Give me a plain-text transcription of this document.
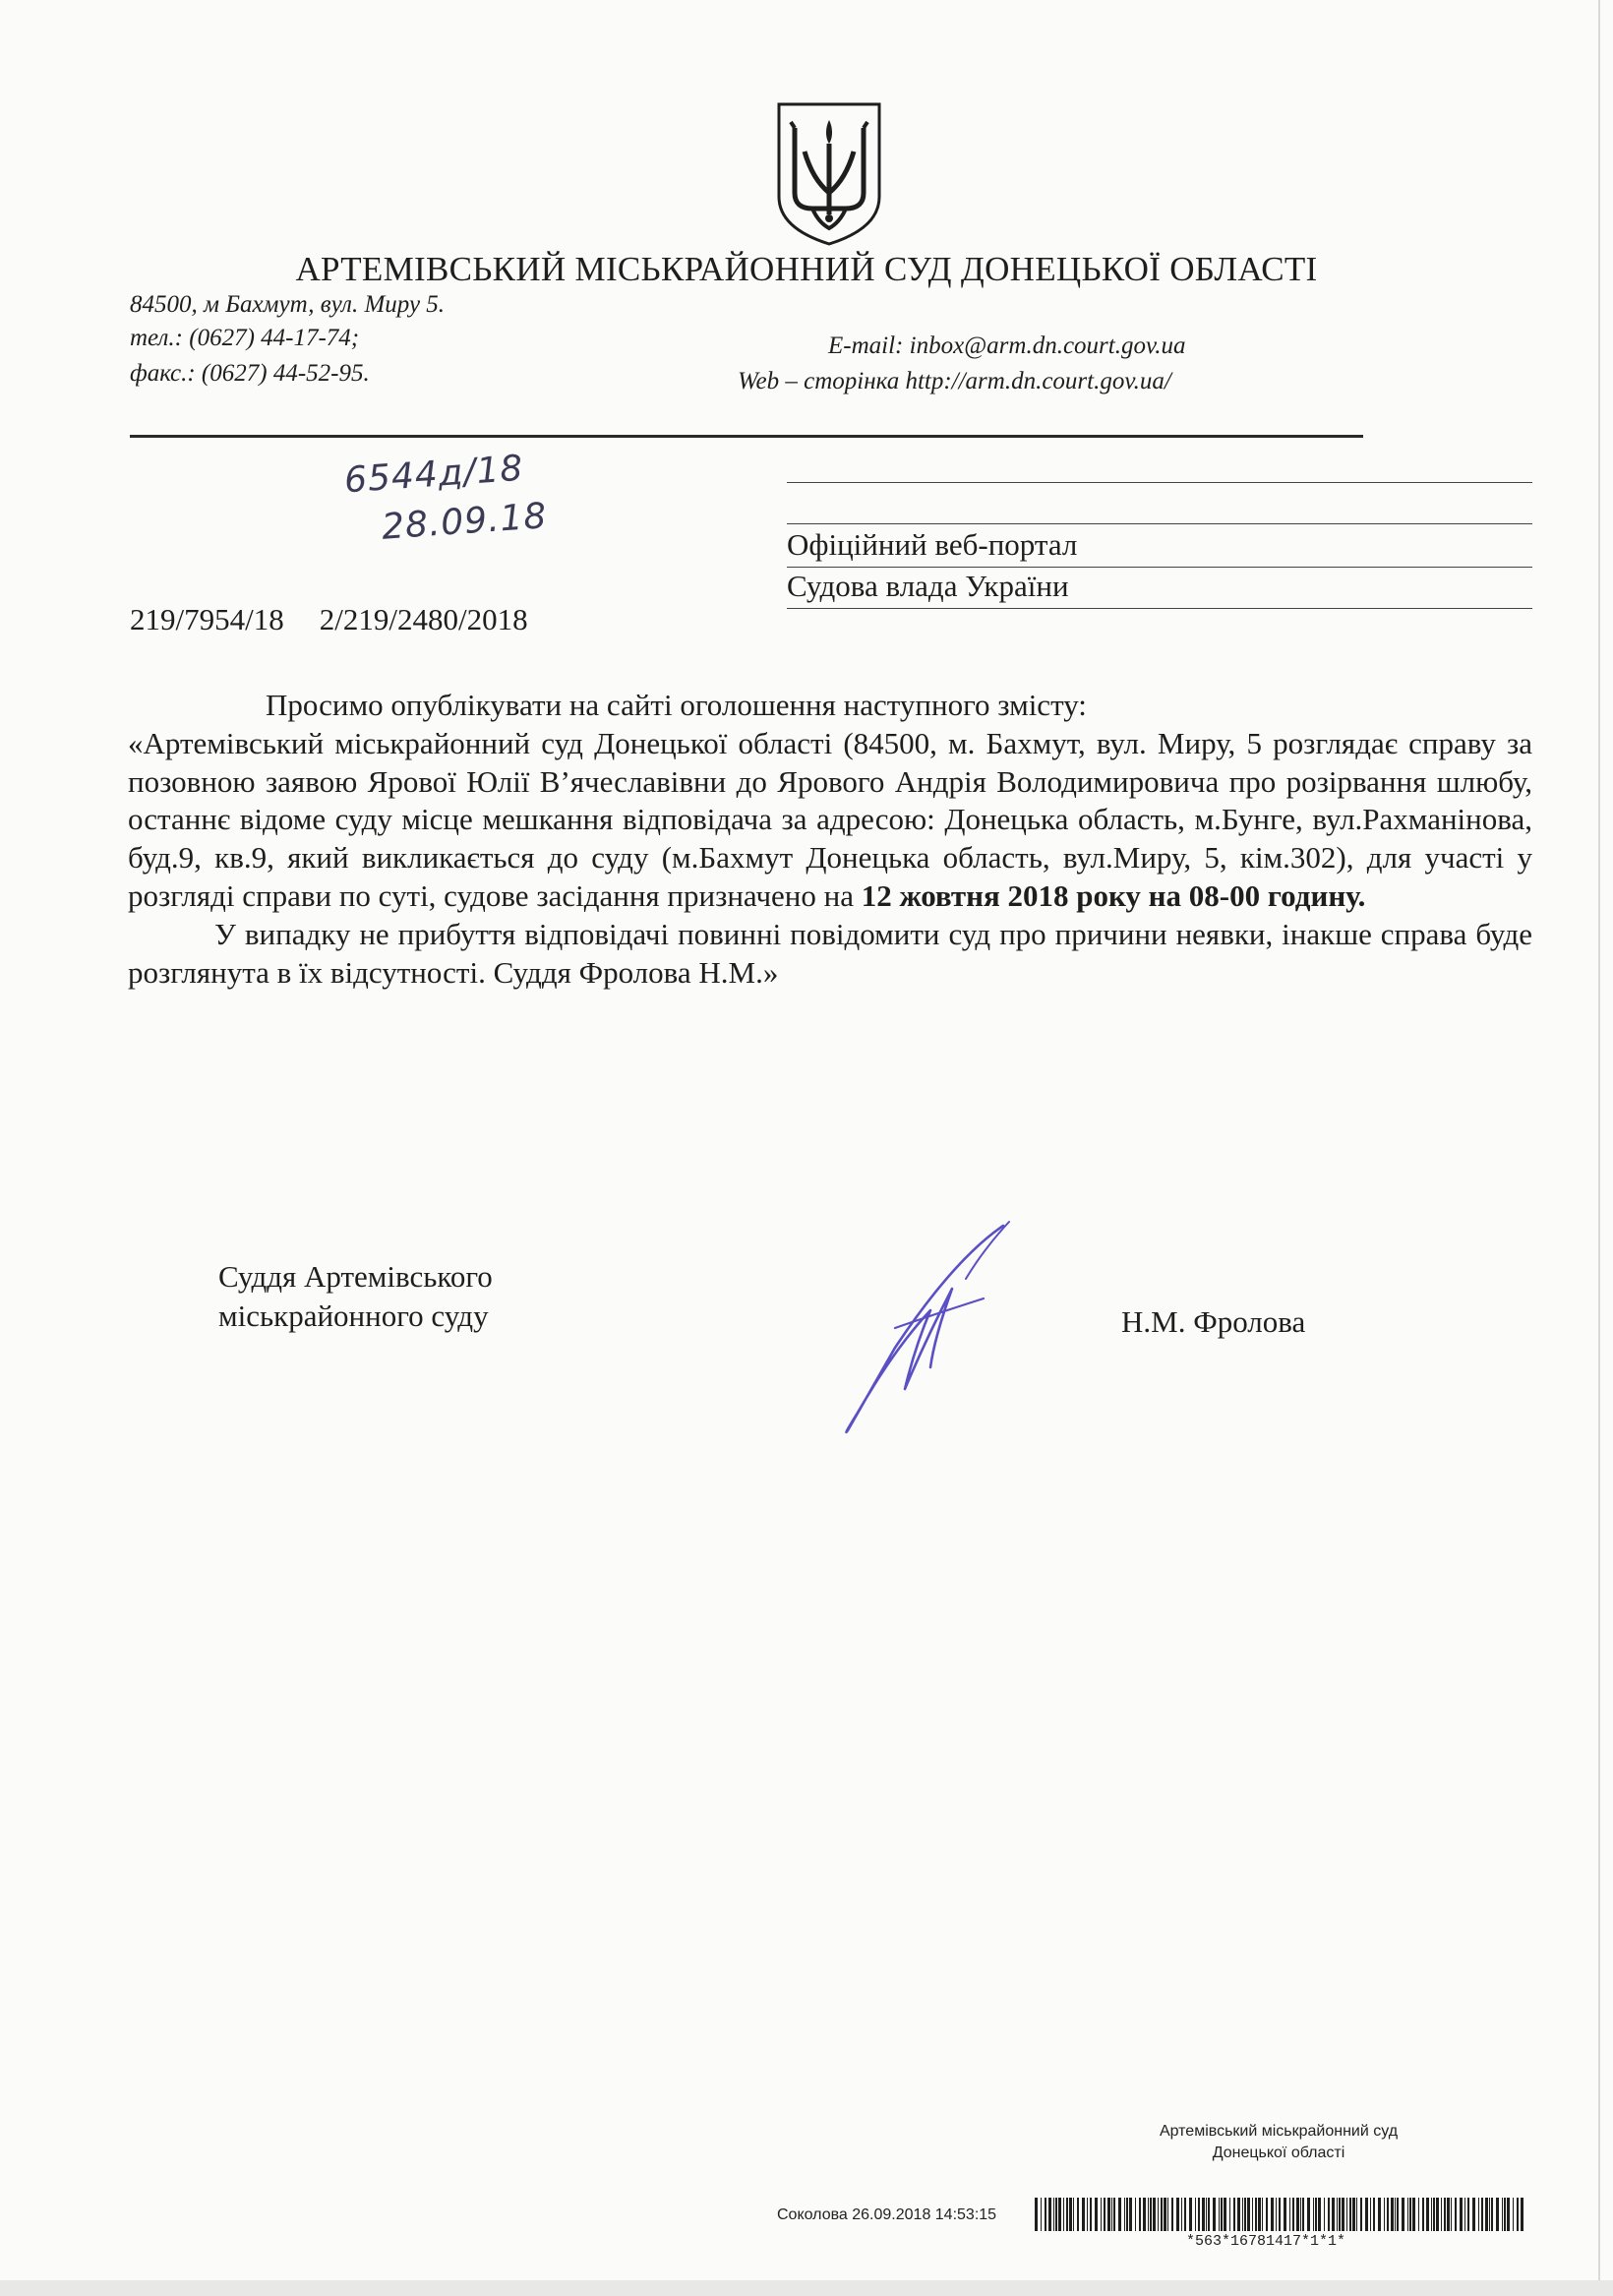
АРТЕМІВСЬКИЙ МІСЬКРАЙОННИЙ СУД ДОНЕЦЬКОЇ ОБЛАСТІ
84500, м Бахмут, вул. Миру 5.
тел.: (0627) 44-17-74;
факс.: (0627) 44-52-95.
E-mail: inbox@arm.dn.court.gov.ua
Web – сторінка http://arm.dn.court.gov.ua/
6544д/18
28.09.18	Офіційний веб-портал
Судова влада України
219/7954/18 2/219/2480/2018

Просимо опублікувати на сайті оголошення наступного змісту:

«Артемівський міськрайонний суд Донецької області (84500, м. Бахмут, вул. Миру, 5 розглядає справу за позовною заявою Ярової Юлії В’ячеславівни до Ярового Андрія Володимировича про розірвання шлюбу, останнє відоме суду місце мешкання відповідача за адресою: Донецька область, м.Бунге, вул.Рахманінова, буд.9, кв.9, який викликається до суду (м.Бахмут Донецька область, вул.Миру, 5, кім.302), для участі у розгляді справи по суті, судове засідання призначено на 12 жовтня 2018 року на 08-00 годину.

У випадку не прибуття відповідачі повинні повідомити суд про причини неявки, інакше справа буде розглянута в їх відсутності. Суддя Фролова Н.М.»

Суддя Артемівського
міськрайонного суду	Н.М. Фролова
Артемівський міськрайонний суд
Донецької області
Соколова 26.09.2018 14:53:15
*563*16781417*1*1*
